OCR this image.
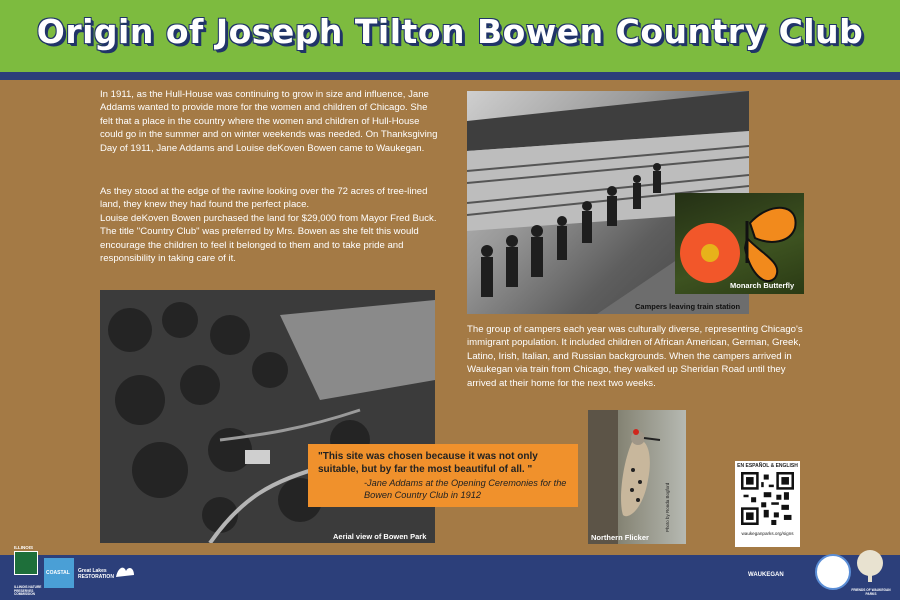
Origin of Joseph Tilton Bowen Country Club

In 1911, as the Hull-House was continuing to grow in size and influence, Jane Addams wanted to provide more for the women and children of Chicago. She felt that a place in the country where the women and children of Hull-House could go in the summer and on winter weekends was needed. On Thanksgiving Day of 1911, Jane Addams and Louise deKoven Bowen came to Waukegan.

As they stood at the edge of the ravine looking over the 72 acres of tree-lined land, they knew they had found the perfect place.
Louise deKoven Bowen purchased the land for $29,000 from Mayor Fred Buck. The title "Country Club" was preferred by Mrs. Bowen as she felt this would encourage the children to feel it belonged to them and to take pride and responsibility in taking care of it.
Campers leaving train station
Monarch Butterfly
Aerial view of Bowen Park

The group of campers each year was culturally diverse, representing Chicago's immigrant population. It included children of African American, German, Greek, Latino, Irish, Italian, and Russian backgrounds. When the campers arrived in Waukegan via train from Chicago, they walked up Sheridan Road until they arrived at their home for the next two weeks.

"This site was chosen because it was not only suitable, but by far the most beautiful of all. "

-Jane Addams at the Opening Ceremonies for the Bowen Country Club in 1912

Northern Flicker
Photo by Ronda Bogford
EN ESPAÑOL & ENGLISH
waukeganparks.org/signs
ILLINOIS
ILLINOIS NATURE PRESERVES COMMISSION
COASTAL Great Lakes RESTORATION	WAUKEGAN
FRIENDS OF WAUKEGAN PARKS
